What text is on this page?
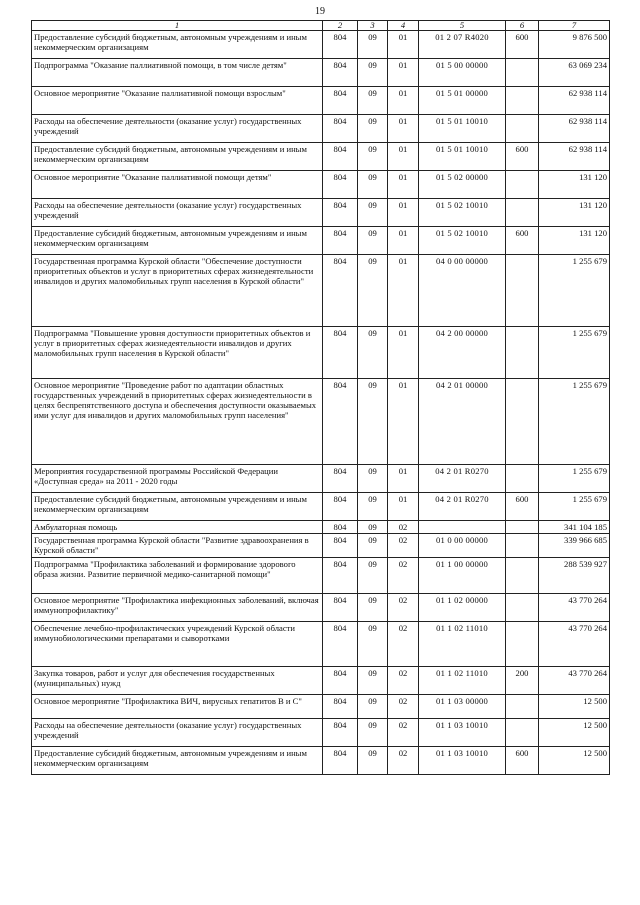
19
1	2	3	4	5	6	7
Предоставление субсидий бюджетным, автономным учреждениям и иным некоммерческим организациям	804	09	01	01 2 07 R4020	600	9 876 500
Подпрограмма "Оказание паллиативной помощи, в том числе детям"	804	09	01	01 5 00 00000		63 069 234
Основное мероприятие "Оказание паллиативной помощи взрослым"	804	09	01	01 5 01 00000		62 938 114
Расходы на обеспечение деятельности (оказание услуг) государственных учреждений	804	09	01	01 5 01 10010		62 938 114
Предоставление субсидий бюджетным, автономным учреждениям и иным некоммерческим организациям	804	09	01	01 5 01 10010	600	62 938 114
Основное мероприятие "Оказание паллиативной помощи детям"	804	09	01	01 5 02 00000		131 120
Расходы на обеспечение деятельности (оказание услуг) государственных учреждений	804	09	01	01 5 02 10010		131 120
Предоставление субсидий бюджетным, автономным учреждениям и иным некоммерческим организациям	804	09	01	01 5 02 10010	600	131 120
Государственная программа Курской области "Обеспечение доступности приоритетных объектов и услуг в приоритетных сферах жизнедеятельности инвалидов и других маломобильных групп населения в Курской области"	804	09	01	04 0 00 00000		1 255 679
Подпрограмма "Повышение уровня доступности приоритетных объектов и услуг в приоритетных сферах жизнедеятельности инвалидов и других маломобильных групп населения в Курской области"	804	09	01	04 2 00 00000		1 255 679
Основное мероприятие "Проведение работ по адаптации областных государственных учреждений в приоритетных сферах жизнедеятельности в целях беспрепятственного доступа и обеспечения доступности оказываемых ими услуг для инвалидов и других маломобильных групп населения"	804	09	01	04 2 01 00000		1 255 679
Мероприятия государственной программы Российской Федерации «Доступная среда» на 2011 - 2020 годы	804	09	01	04 2 01 R0270		1 255 679
Предоставление субсидий бюджетным, автономным учреждениям и иным некоммерческим организациям	804	09	01	04 2 01 R0270	600	1 255 679
Амбулаторная помощь	804	09	02			341 104 185
Государственная программа Курской области "Развитие здравоохранения в Курской области"	804	09	02	01 0 00 00000		339 966 685
Подпрограмма "Профилактика заболеваний и формирование здорового образа жизни. Развитие первичной медико-санитарной помощи"	804	09	02	01 1 00 00000		288 539 927
Основное мероприятие "Профилактика инфекционных заболеваний, включая иммунопрофилактику"	804	09	02	01 1 02 00000		43 770 264
Обеспечение лечебно-профилактических учреждений Курской области иммунобиологическими препаратами и сыворотками	804	09	02	01 1 02 11010		43 770 264
Закупка товаров, работ и услуг для обеспечения государственных (муниципальных) нужд	804	09	02	01 1 02 11010	200	43 770 264
Основное мероприятие "Профилактика ВИЧ, вирусных гепатитов В и С"	804	09	02	01 1 03 00000		12 500
Расходы на обеспечение деятельности (оказание услуг) государственных учреждений	804	09	02	01 1 03 10010		12 500
Предоставление субсидий бюджетным, автономным учреждениям и иным некоммерческим организациям	804	09	02	01 1 03 10010	600	12 500
